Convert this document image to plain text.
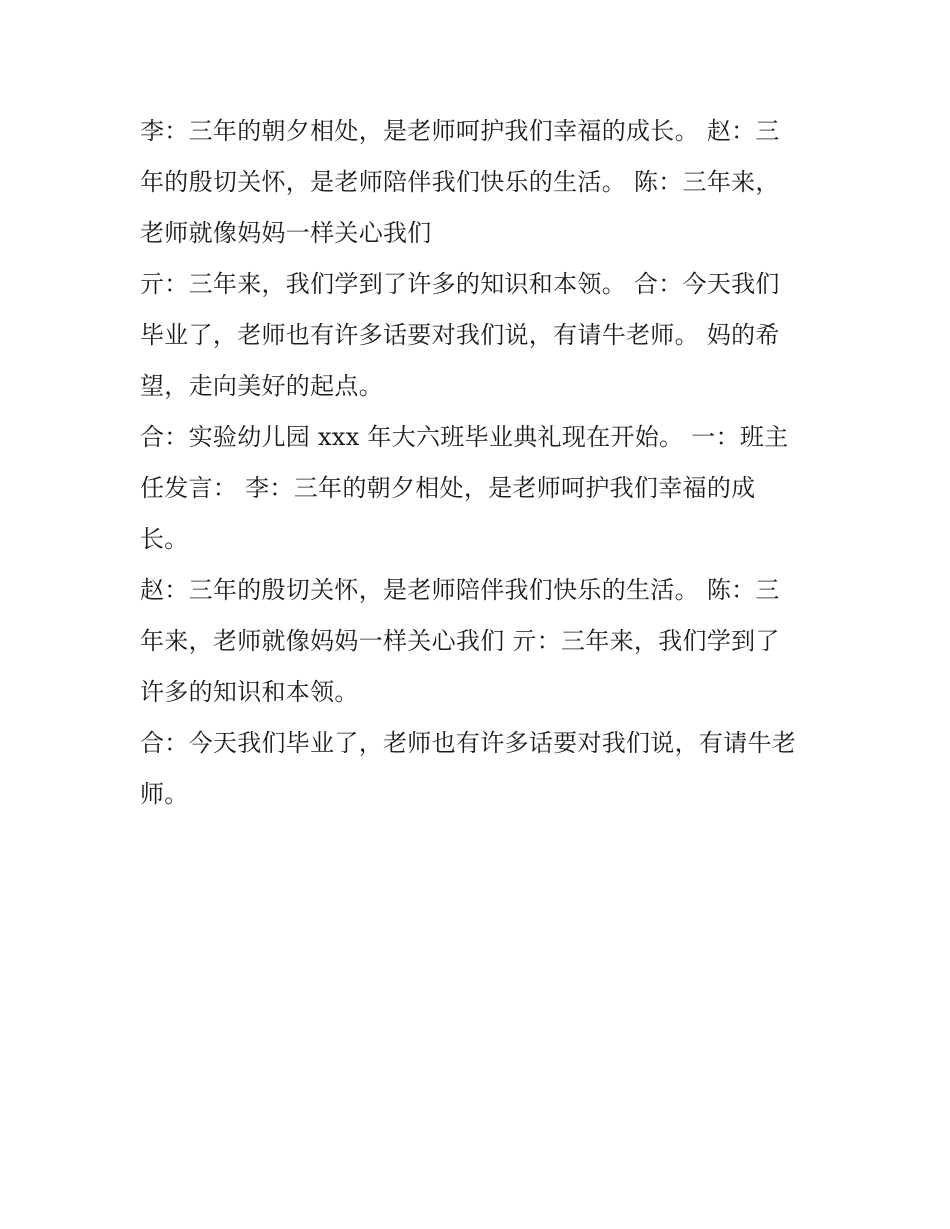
李：三年的朝夕相处，是老师呵护我们幸福的成长。 赵：三
年的殷切关怀，是老师陪伴我们快乐的生活。 陈：三年来，
老师就像妈妈一样关心我们

亓：三年来，我们学到了许多的知识和本领。 合：今天我们
毕业了，老师也有许多话要对我们说，有请牛老师。 妈的希
望，走向美好的起点。

合：实验幼儿园 xxx 年大六班毕业典礼现在开始。 一：班主
任发言： 李：三年的朝夕相处，是老师呵护我们幸福的成
长。

赵：三年的殷切关怀，是老师陪伴我们快乐的生活。 陈：三
年来，老师就像妈妈一样关心我们 亓：三年来，我们学到了
许多的知识和本领。

合：今天我们毕业了，老师也有许多话要对我们说，有请牛老
师。
